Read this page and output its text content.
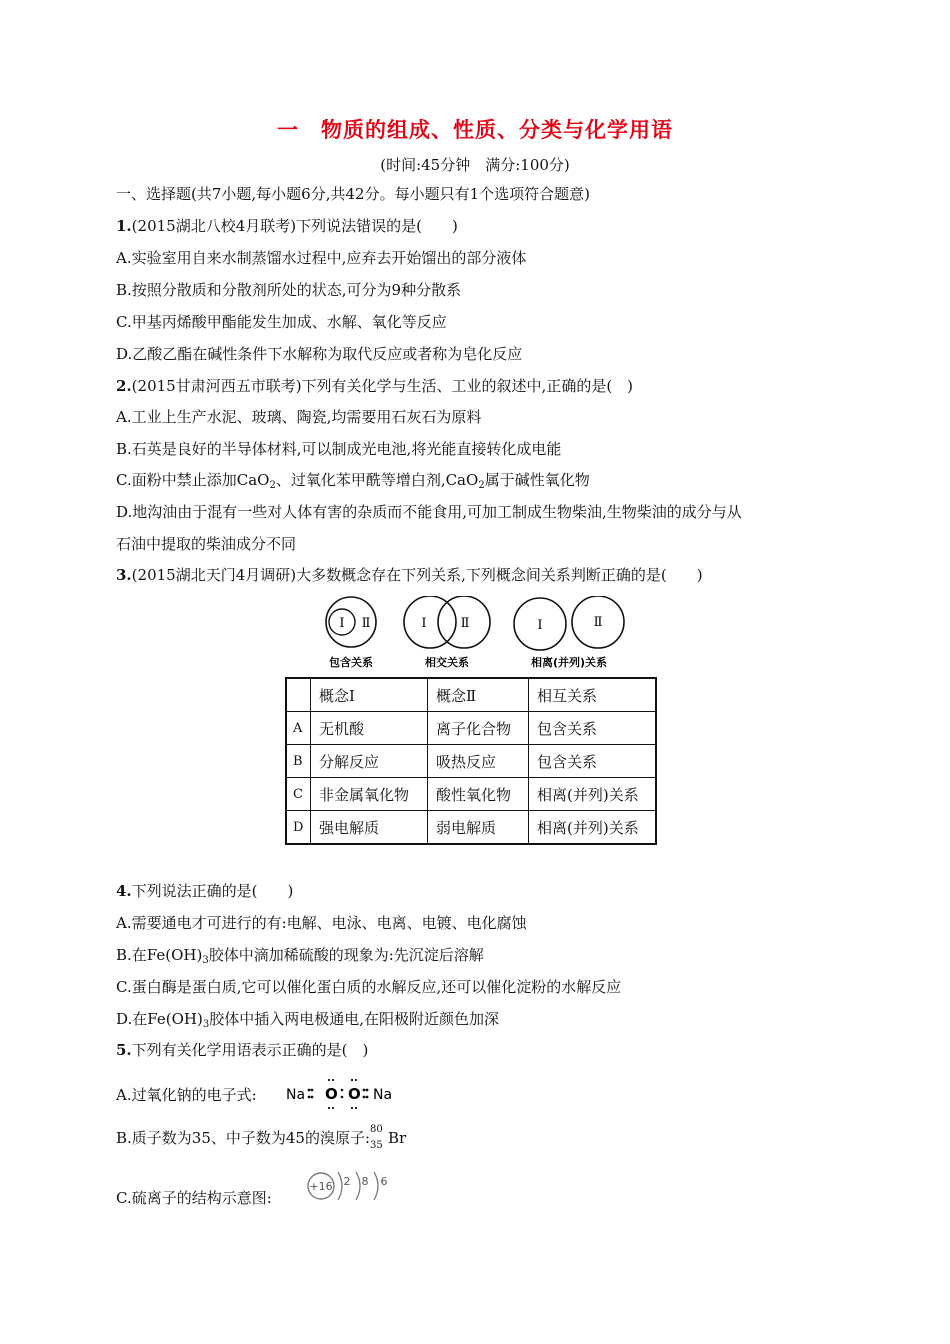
一　物质的组成、性质、分类与化学用语
(时间:45分钟　满分:100分)
一、选择题(共7小题,每小题6分,共42分。每小题只有1个选项符合题意)
1.(2015湖北八校4月联考)下列说法错误的是(　　)
A.实验室用自来水制蒸馏水过程中,应弃去开始馏出的部分液体
B.按照分散质和分散剂所处的状态,可分为9种分散系
C.甲基丙烯酸甲酯能发生加成、水解、氧化等反应
D.乙酸乙酯在碱性条件下水解称为取代反应或者称为皂化反应
2.(2015甘肃河西五市联考)下列有关化学与生活、工业的叙述中,正确的是(　)
A.工业上生产水泥、玻璃、陶瓷,均需要用石灰石为原料
B.石英是良好的半导体材料,可以制成光电池,将光能直接转化成电能
C.面粉中禁止添加CaO$_2$、过氧化苯甲酰等增白剂,CaO$_2$属于碱性氧化物
D.地沟油由于混有一些对人体有害的杂质而不能食用,可加工制成生物柴油,生物柴油的成分与从
石油中提取的柴油成分不同
3.(2015湖北天门4月调研)大多数概念存在下列关系,下列概念间关系判断正确的是(　　)
Ⅰ Ⅱ	Ⅰ	Ⅱ	Ⅰ	Ⅱ
包含关系	相交关系	相离(并列)关系
	概念Ⅰ	概念Ⅱ	相互关系
A	无机酸	离子化合物	包含关系
B	分解反应	吸热反应	包含关系
C	非金属氧化物	酸性氧化物	相离(并列)关系
D	强电解质	弱电解质	相离(并列)关系
4.下列说法正确的是(　　)
A.需要通电才可进行的有:电解、电泳、电离、电镀、电化腐蚀
B.在$Fe(OH)_3$胶体中滴加稀硫酸的现象为:先沉淀后溶解
C.蛋白酶是蛋白质,它可以催化蛋白质的水解反应,还可以催化淀粉的水解反应
D.在$Fe(OH)_3$胶体中插入两电极通电,在阳极附近颜色加深
5.下列有关化学用语表示正确的是(　)
A.过氧化钠的电子式: Na O O Na
B.质子数为35、中子数为45的溴原子: 80
35 Br
C.硫离子的结构示意图:
+16 2 8 6
